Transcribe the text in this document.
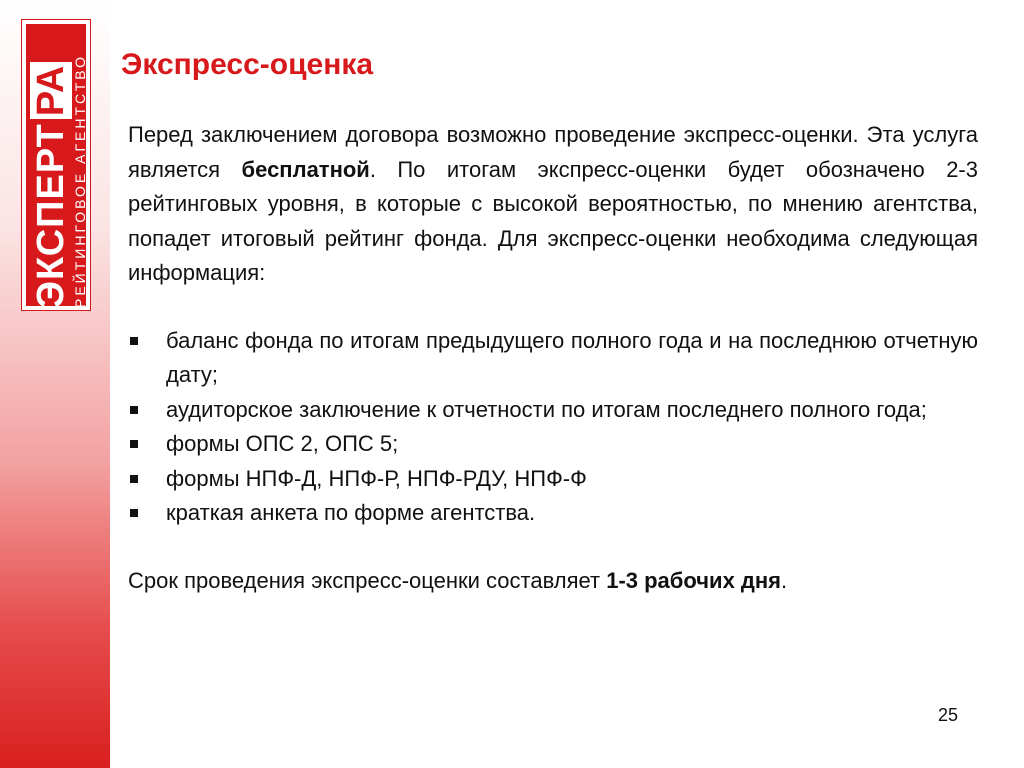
ЭКСПЕРТРА РЕЙТИНГОВОЕ АГЕНТСТВО Экспресс-оценка

Перед заключением договора возможно проведение экспресс-оценки. Эта услуга является бесплатной. По итогам экспресс-оценки будет обозначено 2-3 рейтинговых уровня, в которые с высокой вероятностью, по мнению агентства, попадет итоговый рейтинг фонда. Для экспресс-оценки необходима следующая информация:

баланс фонда по итогам предыдущего полного года и на последнюю отчетную дату;
аудиторское заключение к отчетности по итогам последнего полного года;
формы ОПС 2, ОПС 5;
формы НПФ-Д, НПФ-Р, НПФ-РДУ, НПФ-Ф
краткая анкета по форме агентства.

Срок проведения экспресс-оценки составляет 1-3 рабочих дня.

25
